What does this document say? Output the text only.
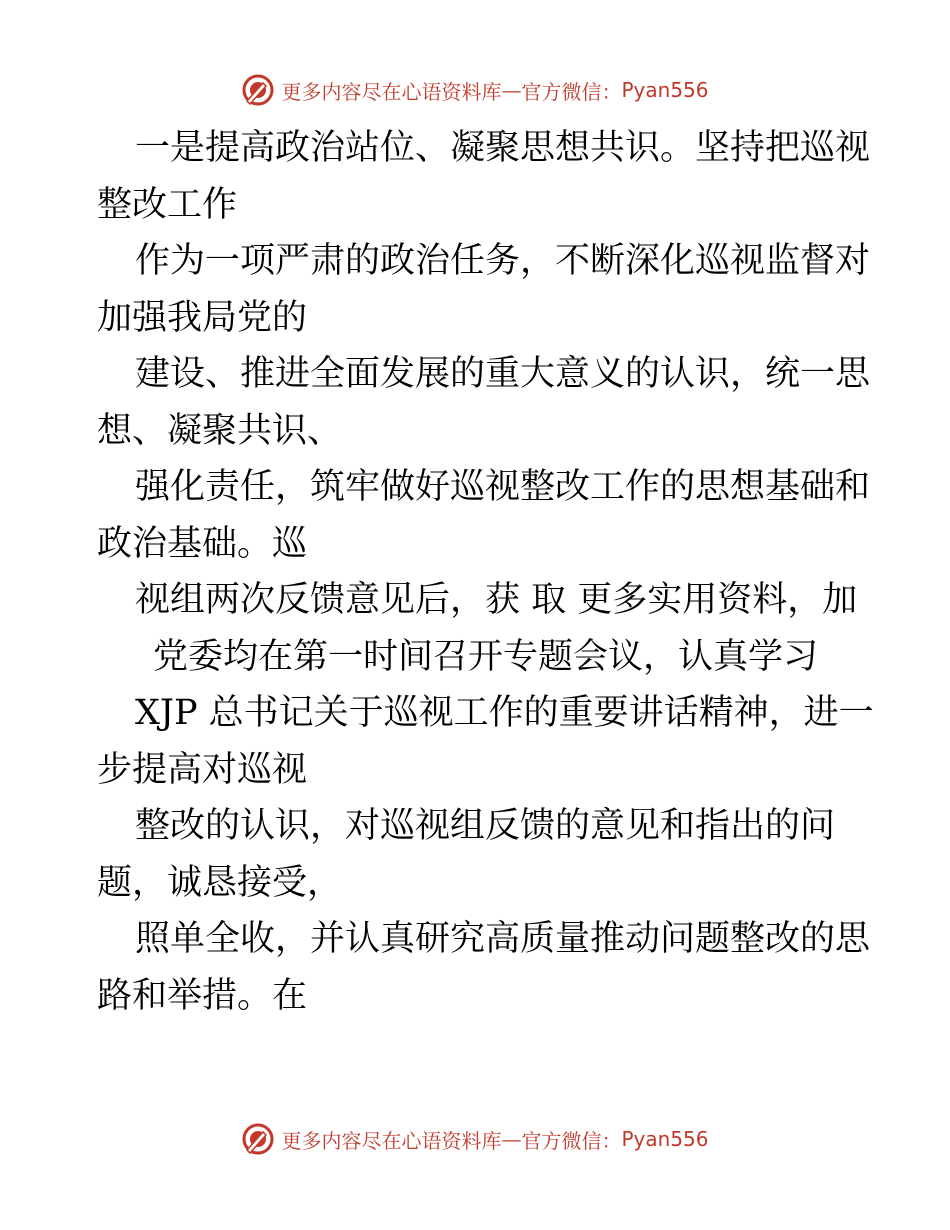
更多内容尽在心语资料库 — 官方微信： Pyan556
一是提高政治站位、凝聚思想共识。坚持把巡视
整改工作
作为一项严肃的政治任务，不断深化巡视监督对
加强我局党的
建设、推进全面发展的重大意义的认识，统一思
想、凝聚共识、
强化责任，筑牢做好巡视整改工作的思想基础和
政治基础。巡
视组两次反馈意见后，获 取 更多实用资料，加
党委均在第一时间召开专题会议，认真学习
XJP 总书记关于巡视工作的重要讲话精神，进一
步提高对巡视
整改的认识，对巡视组反馈的意见和指出的问
题，诚恳接受，
照单全收，并认真研究高质量推动问题整改的思
路和举措。在
更多内容尽在心语资料库 — 官方微信： Pyan556
